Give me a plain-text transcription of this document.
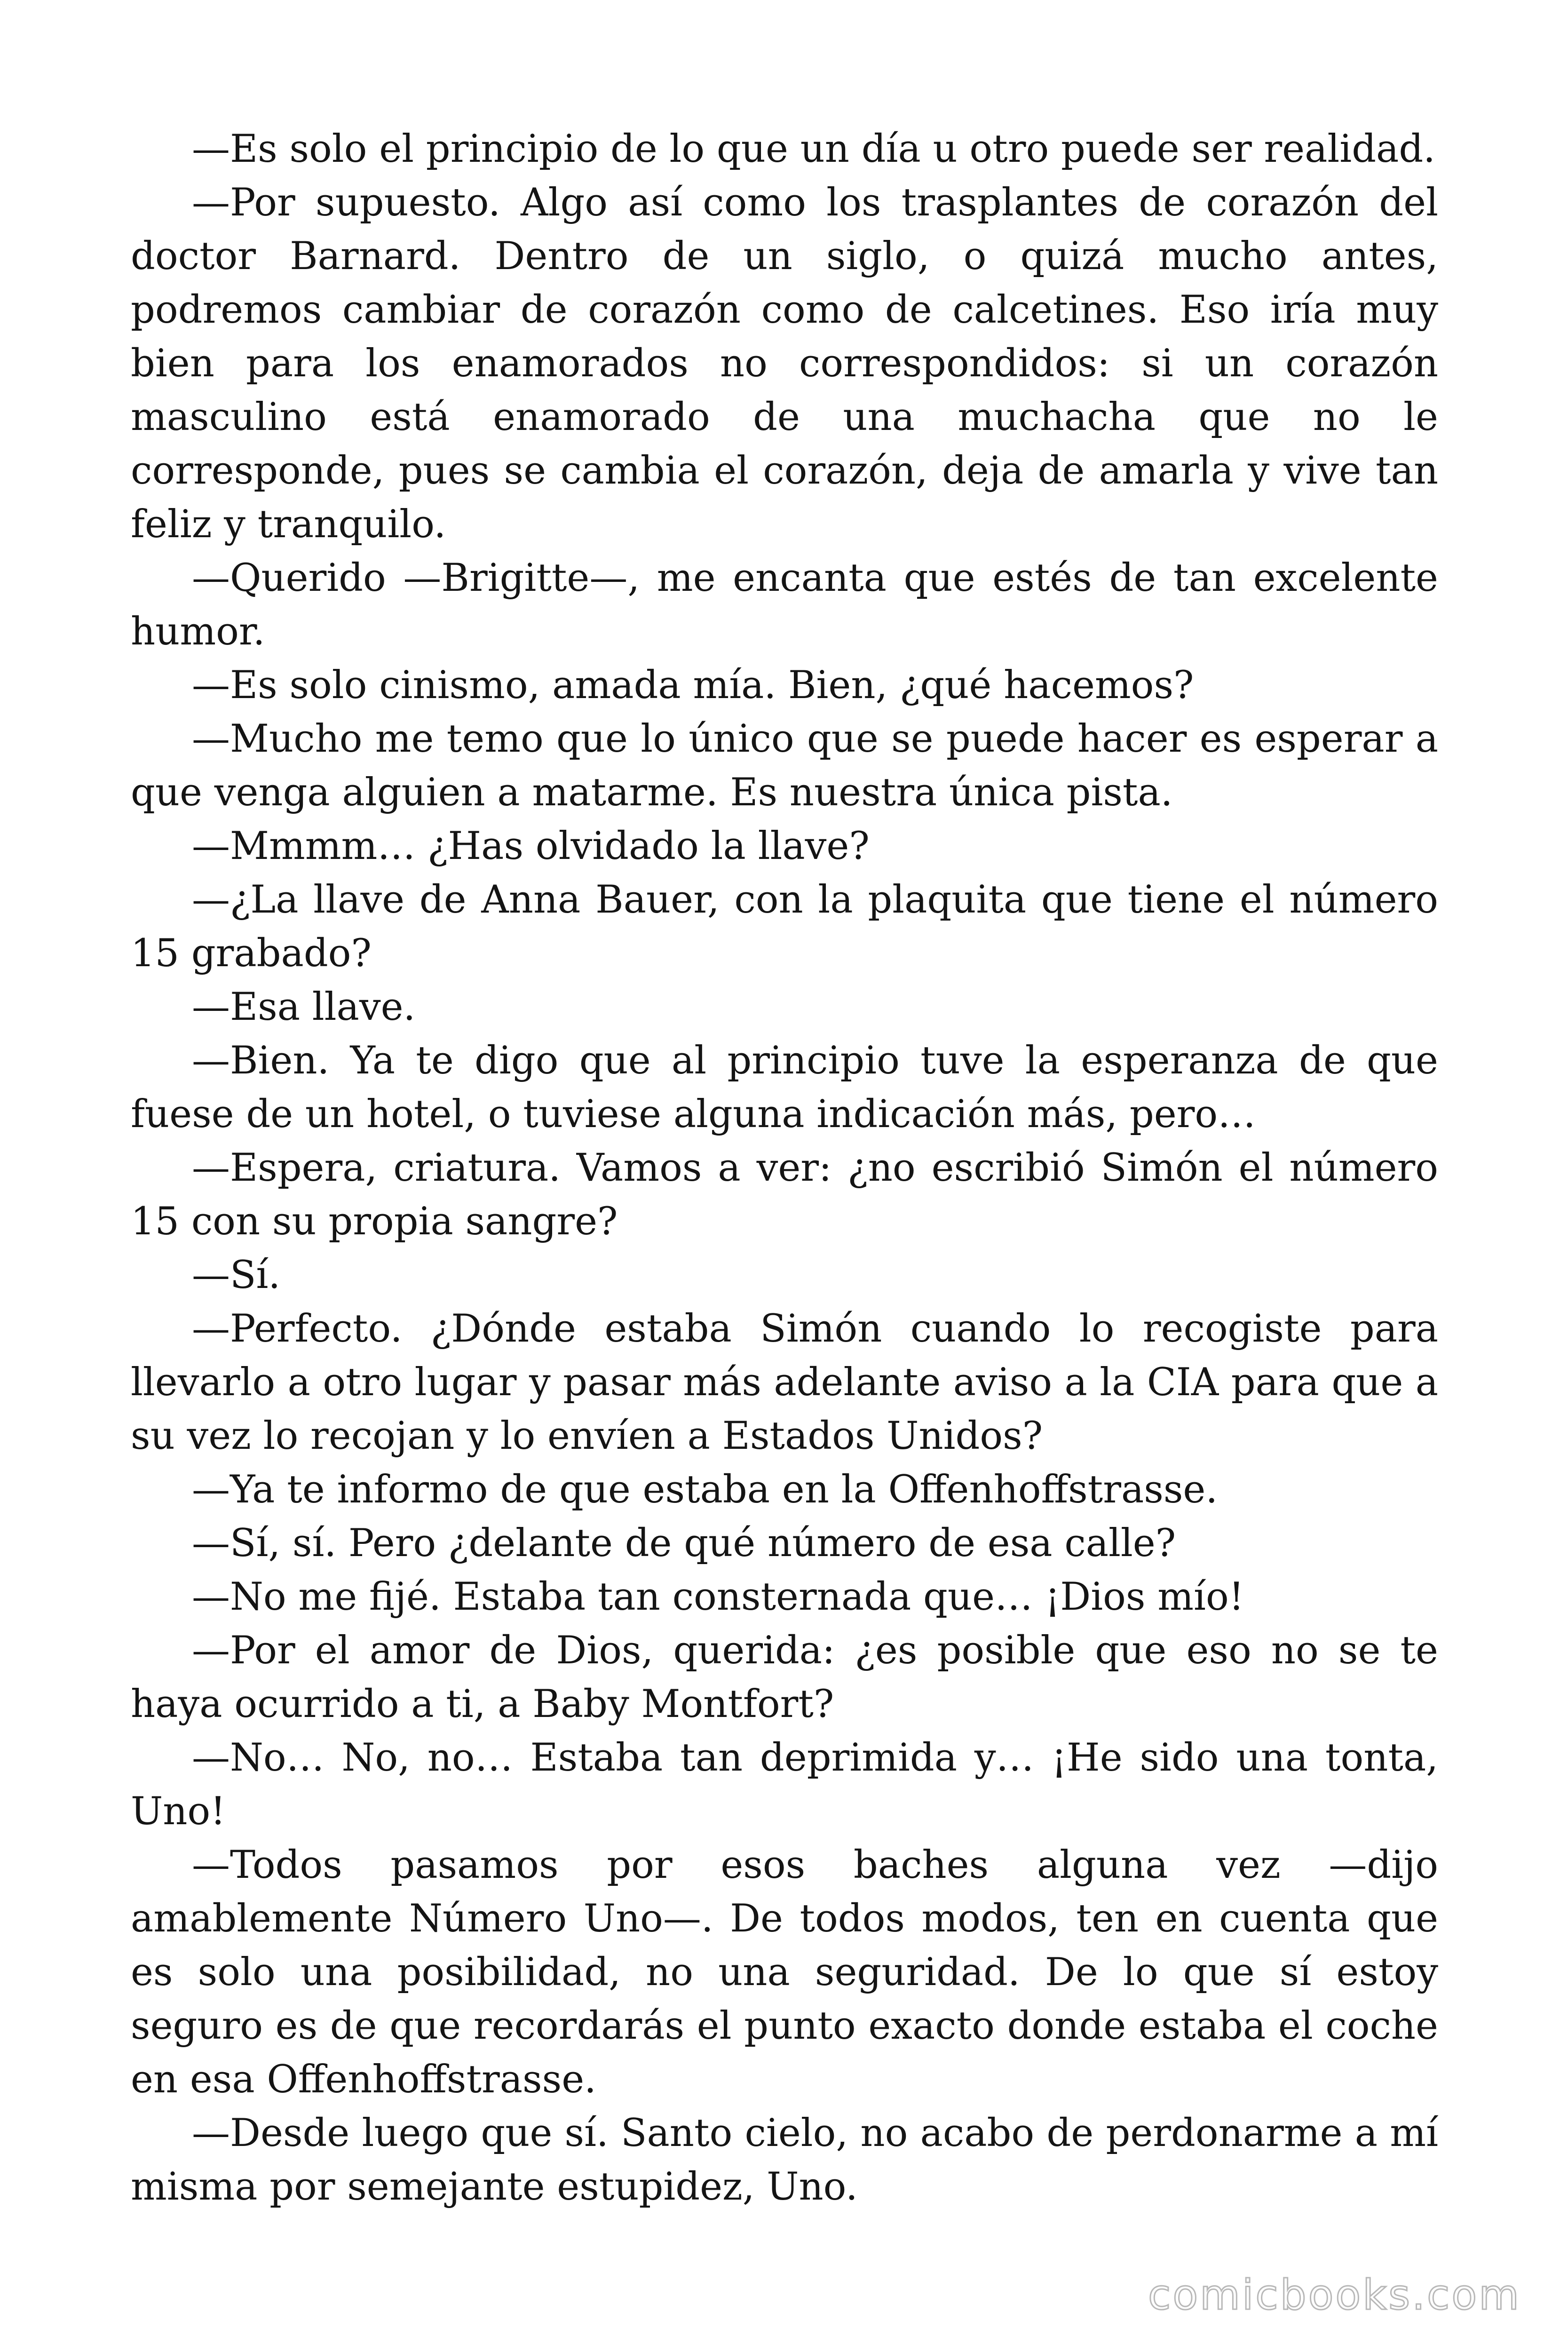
—Es solo el principio de lo que un día u otro puede ser realidad.

—Por supuesto. Algo así como los trasplantes de corazón del doctor Barnard. Dentro de un siglo, o quizá mucho antes, podremos cambiar de corazón como de calcetines. Eso iría muy bien para los enamorados no correspondidos: si un corazón masculino está enamorado de una muchacha que no le corresponde, pues se cambia el corazón, deja de amarla y vive tan feliz y tranquilo.

—Querido —Brigitte—, me encanta que estés de tan excelente humor.

—Es solo cinismo, amada mía. Bien, ¿qué hacemos?

—Mucho me temo que lo único que se puede hacer es esperar a que venga alguien a matarme. Es nuestra única pista.

—Mmmm… ¿Has olvidado la llave?

—¿La llave de Anna Bauer, con la plaquita que tiene el número 15 grabado?

—Esa llave.

—Bien. Ya te digo que al principio tuve la esperanza de que fuese de un hotel, o tuviese alguna indicación más, pero…

—Espera, criatura. Vamos a ver: ¿no escribió Simón el número 15 con su propia sangre?

—Sí.

—Perfecto. ¿Dónde estaba Simón cuando lo recogiste para llevarlo a otro lugar y pasar más adelante aviso a la CIA para que a su vez lo recojan y lo envíen a Estados Unidos?

—Ya te informo de que estaba en la Offenhoffstrasse.

—Sí, sí. Pero ¿delante de qué número de esa calle?

—No me fijé. Estaba tan consternada que… ¡Dios mío!

—Por el amor de Dios, querida: ¿es posible que eso no se te haya ocurrido a ti, a Baby Montfort?

—No… No, no… Estaba tan deprimida y… ¡He sido una tonta, Uno!

—Todos pasamos por esos baches alguna vez —dijo amablemente Número Uno—. De todos modos, ten en cuenta que es solo una posibilidad, no una seguridad. De lo que sí estoy seguro es de que recordarás el punto exacto donde estaba el coche en esa Offenhoffstrasse.

—Desde luego que sí. Santo cielo, no acabo de perdonarme a mí misma por semejante estupidez, Uno.

comicbooks.com
